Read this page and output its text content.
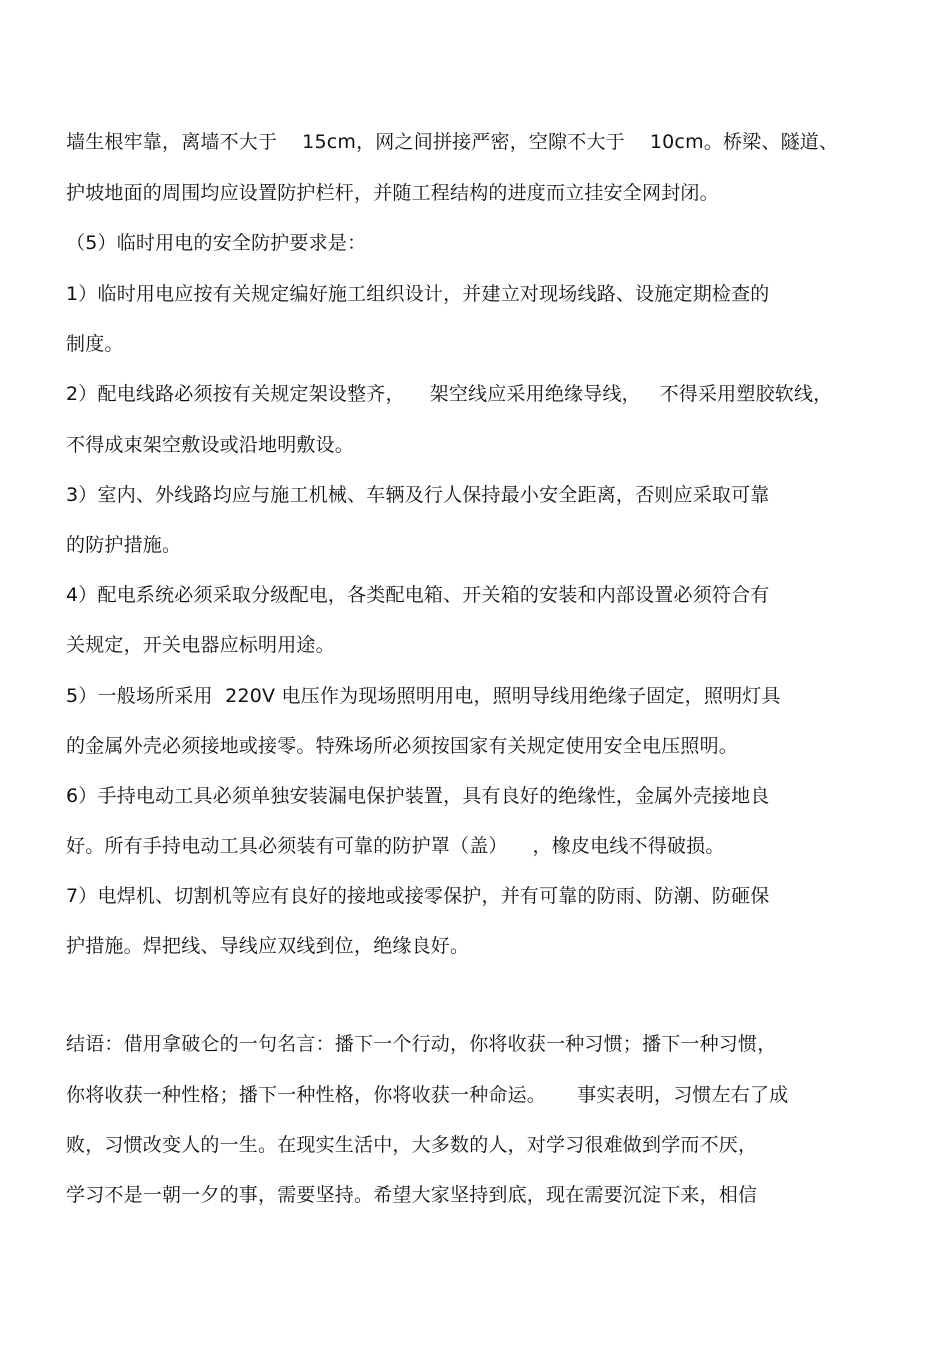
墙生根牢靠，离墙不大于    15cm，网之间拼接严密，空隙不大于    10cm。桥梁、隧道、
护坡地面的周围均应设置防护栏杆，并随工程结构的进度而立挂安全网封闭。
（5）临时用电的安全防护要求是：
1）临时用电应按有关规定编好施工组织设计，并建立对现场线路、设施定期检查的
制度。
2）配电线路必须按有关规定架设整齐，    架空线应采用绝缘导线，   不得采用塑胶软线，
不得成束架空敷设或沿地明敷设。
3）室内、外线路均应与施工机械、车辆及行人保持最小安全距离，否则应采取可靠
的防护措施。
4）配电系统必须采取分级配电，各类配电箱、开关箱的安装和内部设置必须符合有
关规定，开关电器应标明用途。
5）一般场所采用  220V 电压作为现场照明用电，照明导线用绝缘子固定，照明灯具
的金属外壳必须接地或接零。特殊场所必须按国家有关规定使用安全电压照明。
6）手持电动工具必须单独安装漏电保护装置，具有良好的绝缘性，金属外壳接地良
好。所有手持电动工具必须装有可靠的防护罩（盖）    ，橡皮电线不得破损。
7）电焊机、切割机等应有良好的接地或接零保护，并有可靠的防雨、防潮、防砸保
护措施。焊把线、导线应双线到位，绝缘良好。
结语：借用拿破仑的一句名言：播下一个行动，你将收获一种习惯；播下一种习惯，
你将收获一种性格；播下一种性格，你将收获一种命运。     事实表明，习惯左右了成
败，习惯改变人的一生。在现实生活中，大多数的人，对学习很难做到学而不厌，
学习不是一朝一夕的事，需要坚持。希望大家坚持到底，现在需要沉淀下来，相信
